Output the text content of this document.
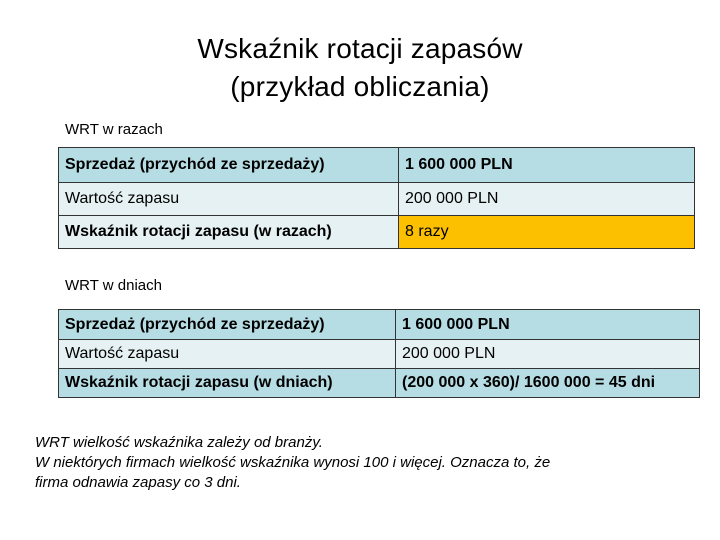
Wskaźnik rotacji zapasów
(przykład obliczania)
WRT w razach
Sprzedaż (przychód ze sprzedaży)	1 600 000 PLN
Wartość zapasu	200 000 PLN
Wskaźnik rotacji zapasu (w razach)	8 razy
WRT w dniach
Sprzedaż (przychód ze sprzedaży)	1 600 000 PLN
Wartość zapasu	200 000 PLN
Wskaźnik rotacji zapasu (w dniach)	(200 000 x 360)/ 1600 000 = 45 dni
WRT wielkość wskaźnika zależy od branży.
W niektórych firmach wielkość wskaźnika wynosi 100 i więcej. Oznacza to, że
firma odnawia zapasy co 3 dni.
